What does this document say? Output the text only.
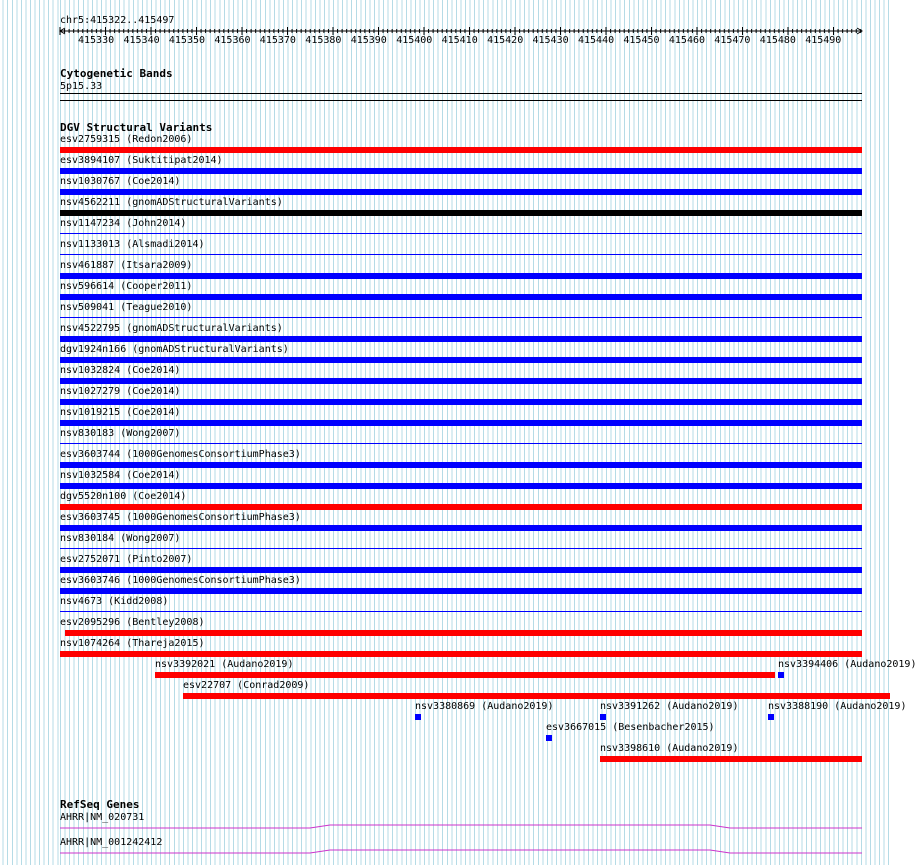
chr5:415322..415497
415330 415340 415350 415360 415370 415380 415390 415400 415410 415420 415430 415440 415450 415460 415470 415480 415490
Cytogenetic Bands
5p15.33
DGV Structural Variants
esv2759315 (Redon2006)
esv3894107 (Suktitipat2014)
nsv1030767 (Coe2014)
nsv4562211 (gnomADStructuralVariants)
nsv1147234 (John2014)
nsv1133013 (Alsmadi2014)
nsv461887 (Itsara2009)
nsv596614 (Cooper2011)
nsv509041 (Teague2010)
nsv4522795 (gnomADStructuralVariants)
dgv1924n166 (gnomADStructuralVariants)
nsv1032824 (Coe2014)
nsv1027279 (Coe2014)
nsv1019215 (Coe2014)
nsv830183 (Wong2007)
esv3603744 (1000GenomesConsortiumPhase3)
nsv1032584 (Coe2014)
dgv5520n100 (Coe2014)
esv3603745 (1000GenomesConsortiumPhase3)
nsv830184 (Wong2007)
esv2752071 (Pinto2007)
esv3603746 (1000GenomesConsortiumPhase3)
nsv4673 (Kidd2008)
esv2095296 (Bentley2008)
nsv1074264 (Thareja2015)
nsv3392021 (Audano2019)	nsv3394406 (Audano2019)
esv22707 (Conrad2009)
nsv3380869 (Audano2019)	nsv3391262 (Audano2019)	nsv3388190 (Audano2019)
esv3667015 (Besenbacher2015)
nsv3398610 (Audano2019)
RefSeq Genes
AHRR|NM_020731
AHRR|NM_001242412
